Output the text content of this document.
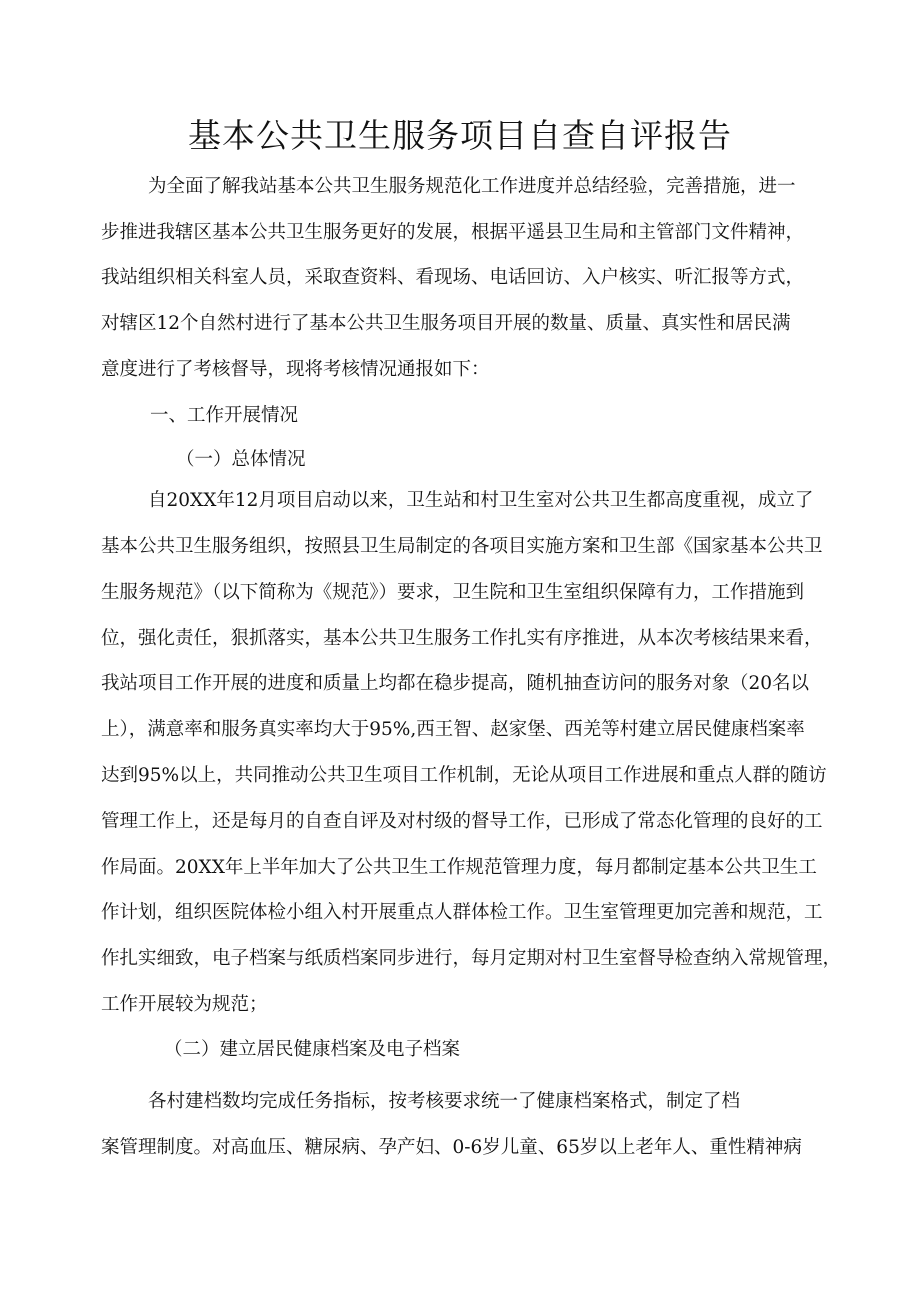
基本公共卫生服务项目自查自评报告

为全面了解我站基本公共卫生服务规范化工作进度并总结经验，完善措施，进一

步推进我辖区基本公共卫生服务更好的发展，根据平遥县卫生局和主管部门文件精神，

我站组织相关科室人员，采取查资料、看现场、电话回访、入户核实、听汇报等方式，

对辖区12个自然村进行了基本公共卫生服务项目开展的数量、质量、真实性和居民满

意度进行了考核督导，现将考核情况通报如下：

一、工作开展情况

（一）总体情况

自20XX年12月项目启动以来，卫生站和村卫生室对公共卫生都高度重视，成立了

基本公共卫生服务组织，按照县卫生局制定的各项目实施方案和卫生部《国家基本公共卫

生服务规范》（以下简称为《规范》）要求，卫生院和卫生室组织保障有力，工作措施到

位，强化责任，狠抓落实，基本公共卫生服务工作扎实有序推进，从本次考核结果来看，

我站项目工作开展的进度和质量上均都在稳步提高，随机抽查访问的服务对象（20名以

上），满意率和服务真实率均大于95%,西王智、赵家堡、西羌等村建立居民健康档案率

达到95%以上，共同推动公共卫生项目工作机制，无论从项目工作进展和重点人群的随访

管理工作上，还是每月的自查自评及对村级的督导工作，已形成了常态化管理的良好的工

作局面。20XX年上半年加大了公共卫生工作规范管理力度，每月都制定基本公共卫生工

作计划，组织医院体检小组入村开展重点人群体检工作。卫生室管理更加完善和规范，工

作扎实细致，电子档案与纸质档案同步进行，每月定期对村卫生室督导检查纳入常规管理，

工作开展较为规范；

（二）建立居民健康档案及电子档案

各村建档数均完成任务指标，按考核要求统一了健康档案格式，制定了档

案管理制度。对高血压、糖尿病、孕产妇、0-6岁儿童、65岁以上老年人、重性精神病
